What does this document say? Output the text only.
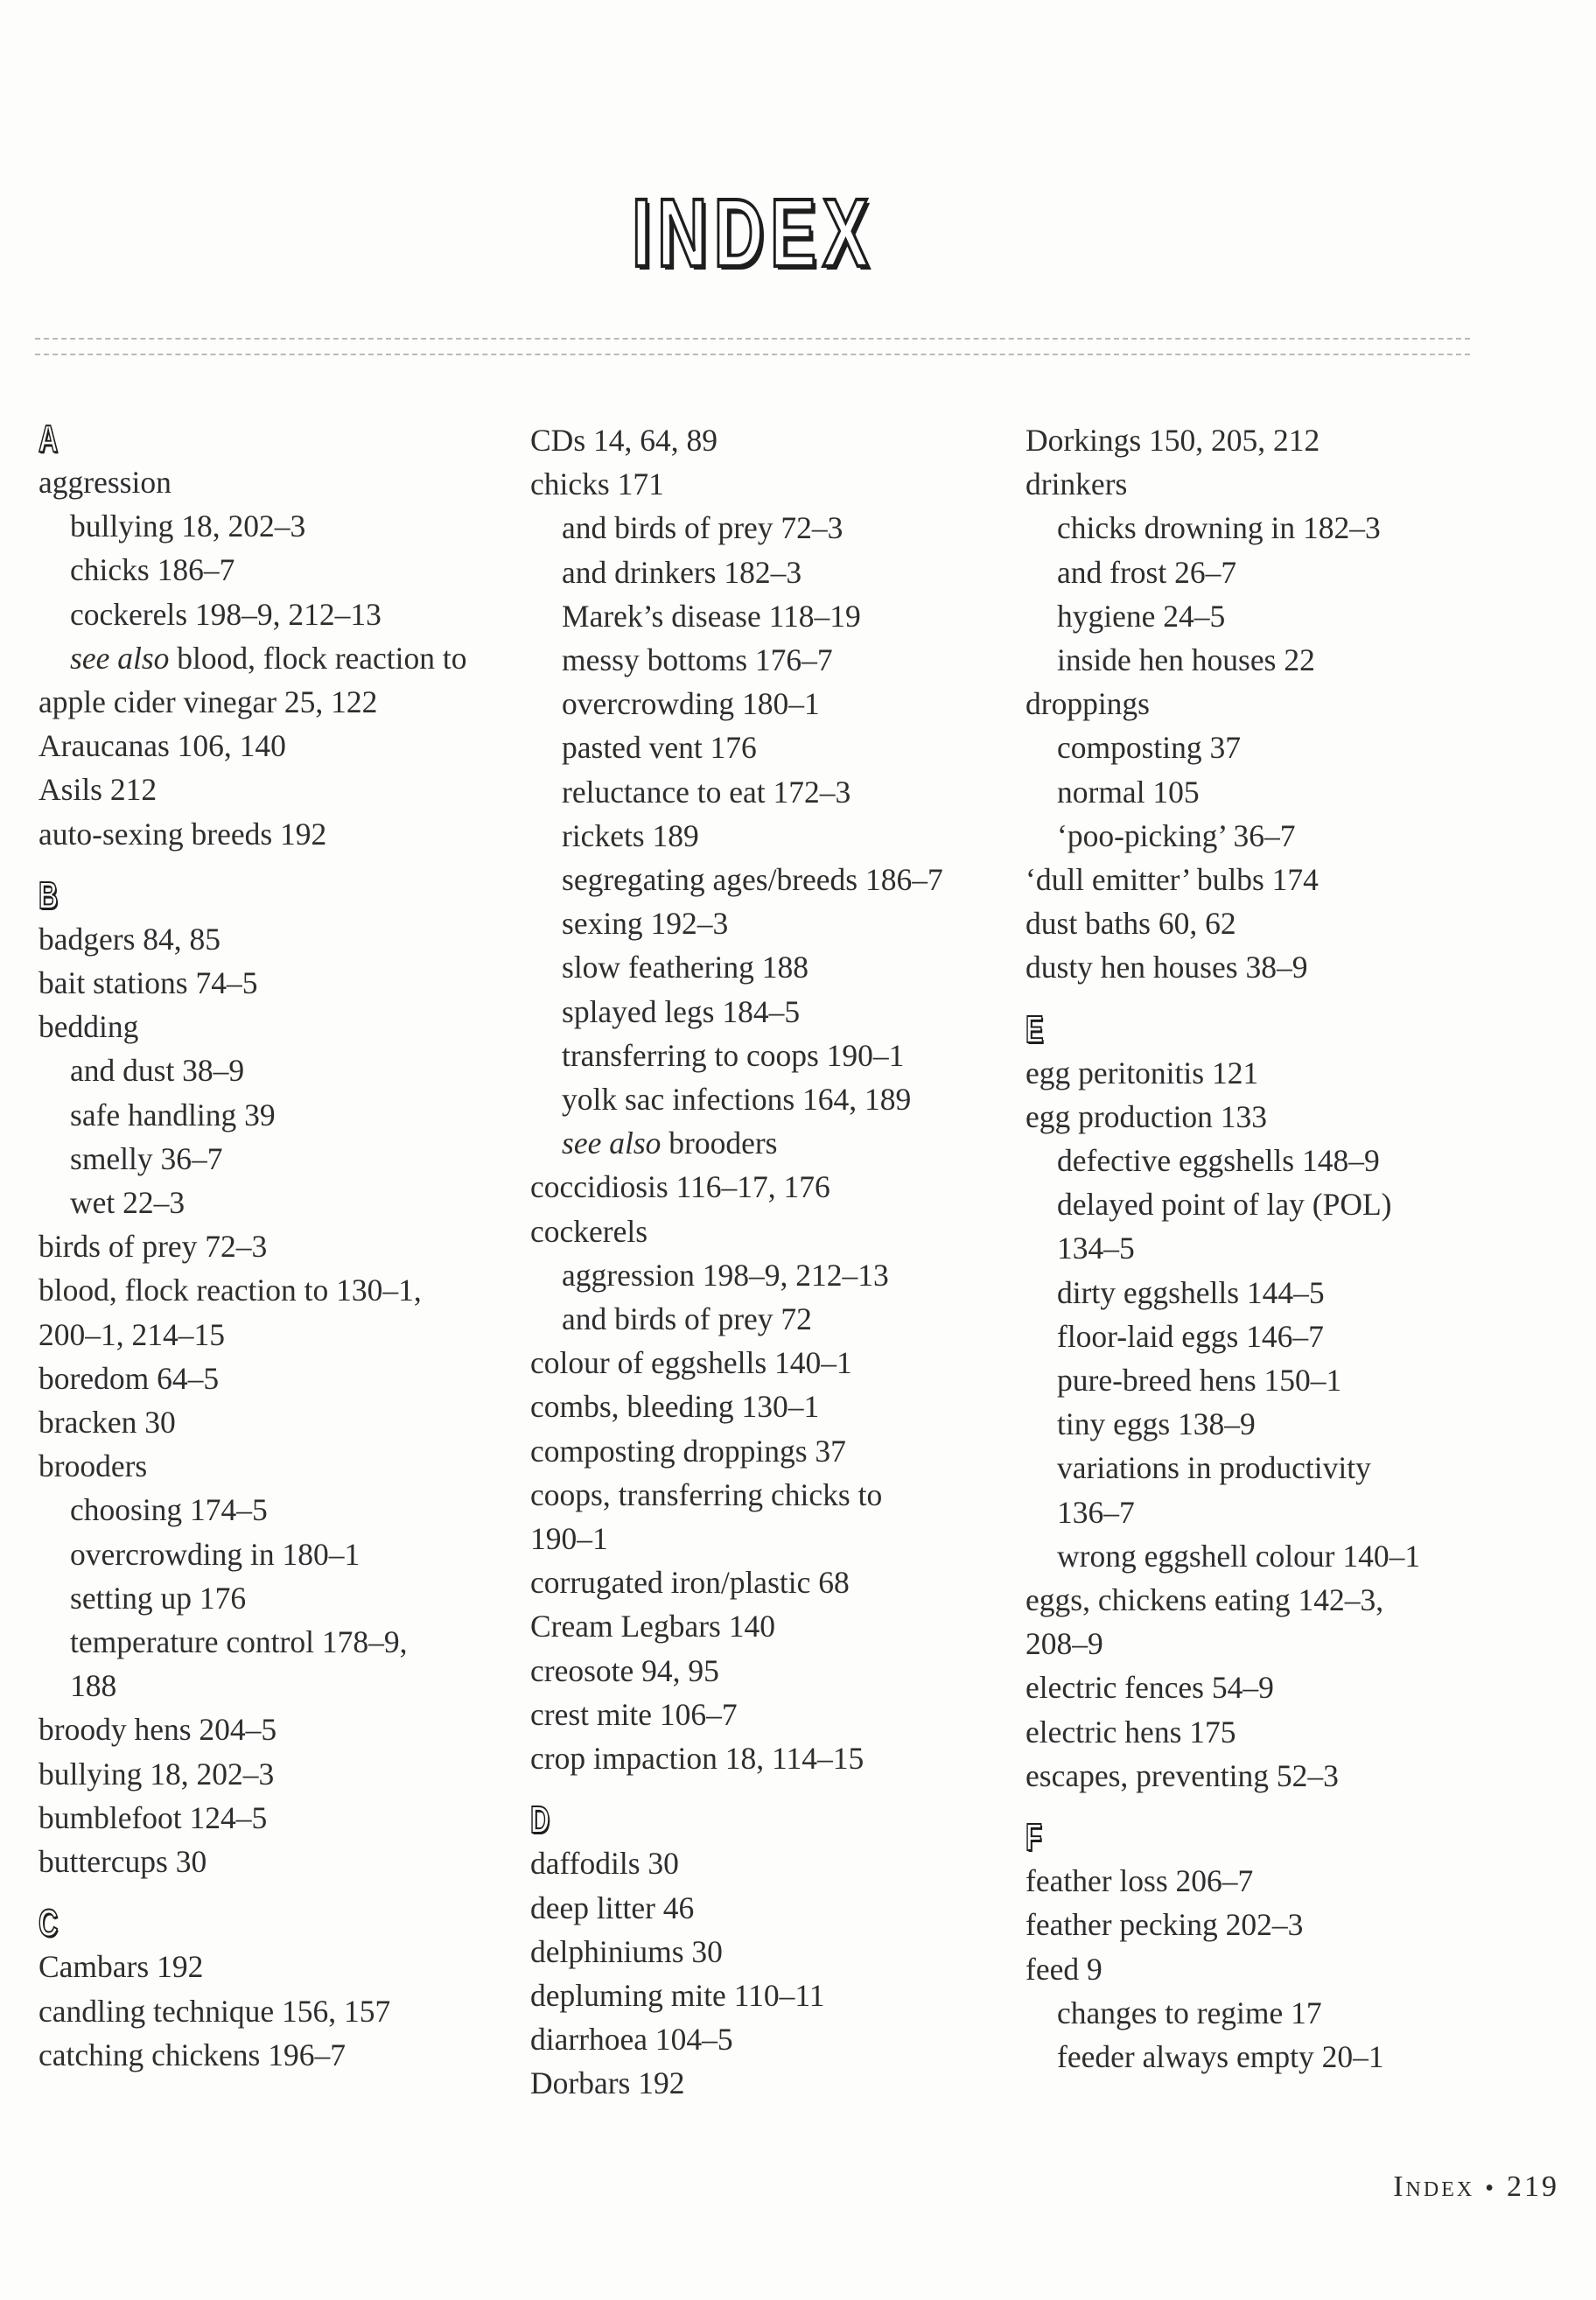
INDEX
A
aggression
bullying 18, 202–3
chicks 186–7
cockerels 198–9, 212–13
see also blood, flock reaction to
apple cider vinegar 25, 122
Araucanas 106, 140
Asils 212
auto-sexing breeds 192
B
badgers 84, 85
bait stations 74–5
bedding
and dust 38–9
safe handling 39
smelly 36–7
wet 22–3
birds of prey 72–3
blood, flock reaction to 130–1,
200–1, 214–15
boredom 64–5
bracken 30
brooders
choosing 174–5
overcrowding in 180–1
setting up 176
temperature control 178–9,
188
broody hens 204–5
bullying 18, 202–3
bumblefoot 124–5
buttercups 30
C
Cambars 192
candling technique 156, 157
catching chickens 196–7
CDs 14, 64, 89
chicks 171
and birds of prey 72–3
and drinkers 182–3
Marek’s disease 118–19
messy bottoms 176–7
overcrowding 180–1
pasted vent 176
reluctance to eat 172–3
rickets 189
segregating ages/breeds 186–7
sexing 192–3
slow feathering 188
splayed legs 184–5
transferring to coops 190–1
yolk sac infections 164, 189
see also brooders
coccidiosis 116–17, 176
cockerels
aggression 198–9, 212–13
and birds of prey 72
colour of eggshells 140–1
combs, bleeding 130–1
composting droppings 37
coops, transferring chicks to
190–1
corrugated iron/plastic 68
Cream Legbars 140
creosote 94, 95
crest mite 106–7
crop impaction 18, 114–15
D
daffodils 30
deep litter 46
delphiniums 30
depluming mite 110–11
diarrhoea 104–5
Dorbars 192
Dorkings 150, 205, 212
drinkers
chicks drowning in 182–3
and frost 26–7
hygiene 24–5
inside hen houses 22
droppings
composting 37
normal 105
‘poo-picking’ 36–7
‘dull emitter’ bulbs 174
dust baths 60, 62
dusty hen houses 38–9
E
egg peritonitis 121
egg production 133
defective eggshells 148–9
delayed point of lay (POL)
134–5
dirty eggshells 144–5
floor-laid eggs 146–7
pure-breed hens 150–1
tiny eggs 138–9
variations in productivity
136–7
wrong eggshell colour 140–1
eggs, chickens eating 142–3,
208–9
electric fences 54–9
electric hens 175
escapes, preventing 52–3
F
feather loss 206–7
feather pecking 202–3
feed 9
changes to regime 17
feeder always empty 20–1
Index • 219
